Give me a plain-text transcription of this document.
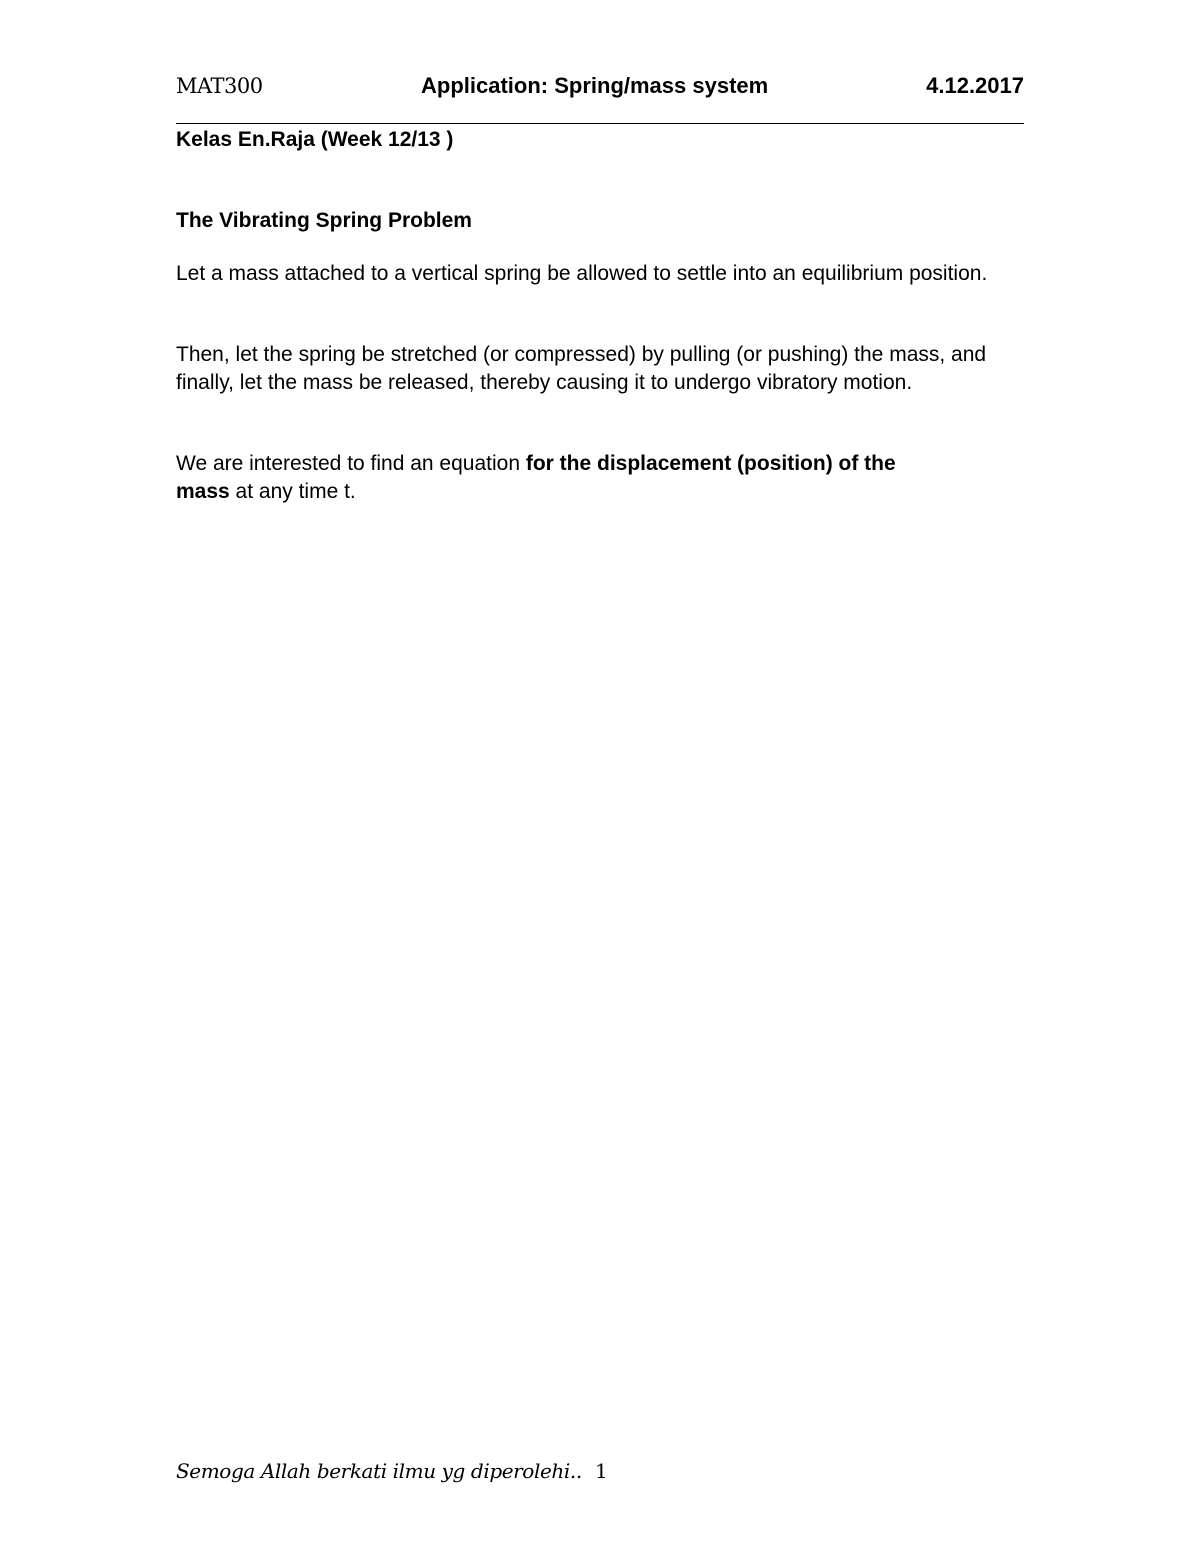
MAT300	Application: Spring/mass system	4.12.2017

Kelas En.Raja (Week 12/13 )

The Vibrating Spring Problem

Let a mass attached to a vertical spring be allowed to settle into an equilibrium position.

Then, let the spring be stretched (or compressed) by pulling (or pushing) the mass, and finally, let the mass be released, thereby causing it to undergo vibratory motion.

We are interested to find an equation for the displacement (position) of the
mass at any time t.

Semoga Allah berkati ilmu yg diperolehi.. 1
